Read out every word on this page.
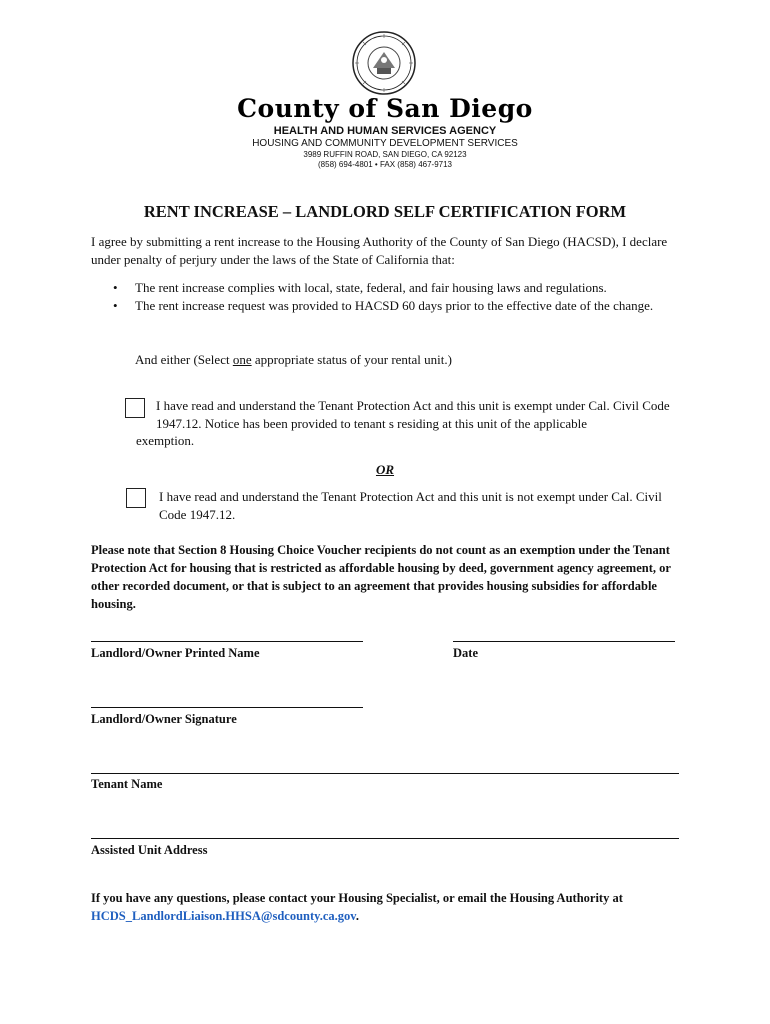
County of San Diego
HEALTH AND HUMAN SERVICES AGENCY
HOUSING AND COMMUNITY DEVELOPMENT SERVICES
3989 RUFFIN ROAD, SAN DIEGO, CA 92123
(858) 694-4801 • FAX (858) 467-9713
RENT INCREASE – LANDLORD SELF CERTIFICATION FORM
I agree by submitting a rent increase to the Housing Authority of the County of San Diego (HACSD), I declare under penalty of perjury under the laws of the State of California that:
• The rent increase complies with local, state, federal, and fair housing laws and regulations.
• The rent increase request was provided to HACSD 60 days prior to the effective date of the change.
And either (Select one appropriate status of your rental unit.)
I have read and understand the Tenant Protection Act and this unit is exempt under Cal. Civil Code 1947.12. Notice has been provided to tenant s residing at this unit of the applicable
exemption.
OR
I have read and understand the Tenant Protection Act and this unit is not exempt under Cal. Civil Code 1947.12.
Please note that Section 8 Housing Choice Voucher recipients do not count as an exemption under the Tenant Protection Act for housing that is restricted as affordable housing by deed, government agency agreement, or other recorded document, or that is subject to an agreement that provides housing subsidies for affordable housing.
Landlord/Owner Printed Name	Date
Landlord/Owner Signature
Tenant Name
Assisted Unit Address
If you have any questions, please contact your Housing Specialist, or email the Housing Authority at HCDS_LandlordLiaison.HHSA@sdcounty.ca.gov.
